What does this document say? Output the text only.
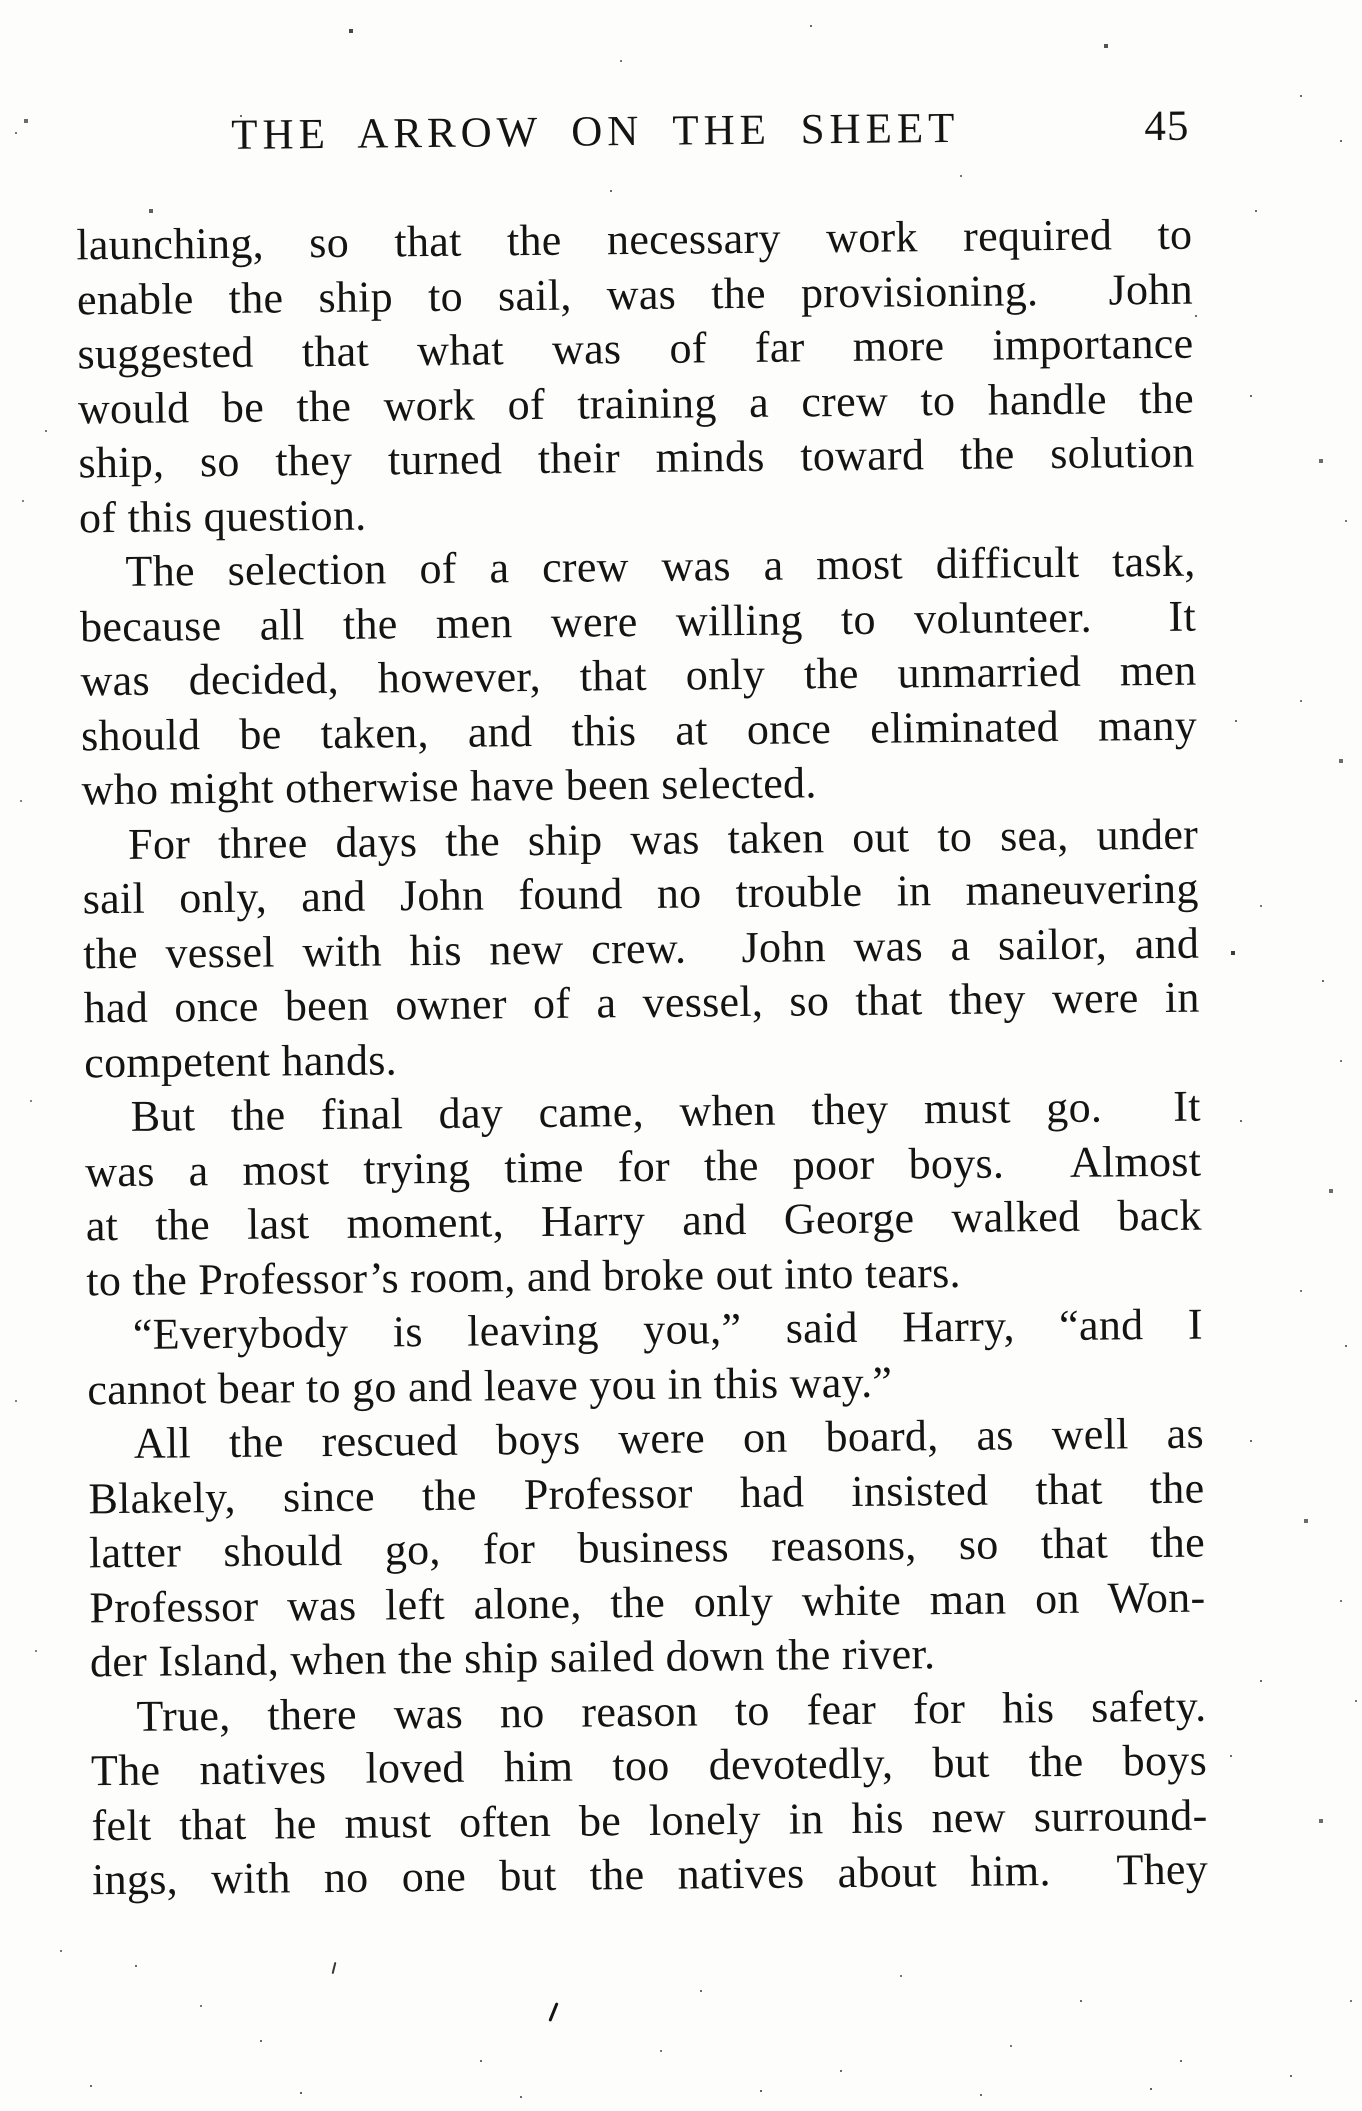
THE ARROW ON THE SHEET	45
launching, so that the necessary work required to
enable the ship to sail, was the provisioning.  John
suggested that what was of far more importance
would be the work of training a crew to handle the
ship, so they turned their minds toward the solution
of this question.
The selection of a crew was a most difficult task,
because all the men were willing to volunteer.  It
was decided, however, that only the unmarried men
should be taken, and this at once eliminated many
who might otherwise have been selected.
For three days the ship was taken out to sea, under
sail only, and John found no trouble in maneuvering
the vessel with his new crew.  John was a sailor, and
had once been owner of a vessel, so that they were in
competent hands.
But the final day came, when they must go.  It
was a most trying time for the poor boys.  Almost
at the last moment, Harry and George walked back
to the Professor’s room, and broke out into tears.
“Everybody is leaving you,” said Harry, “and I
cannot bear to go and leave you in this way.”
All the rescued boys were on board, as well as
Blakely, since the Professor had insisted that the
latter should go, for business reasons, so that the
Professor was left alone, the only white man on Won-
der Island, when the ship sailed down the river.
True, there was no reason to fear for his safety.
The natives loved him too devotedly, but the boys
felt that he must often be lonely in his new surround-
ings, with no one but the natives about him.  They
